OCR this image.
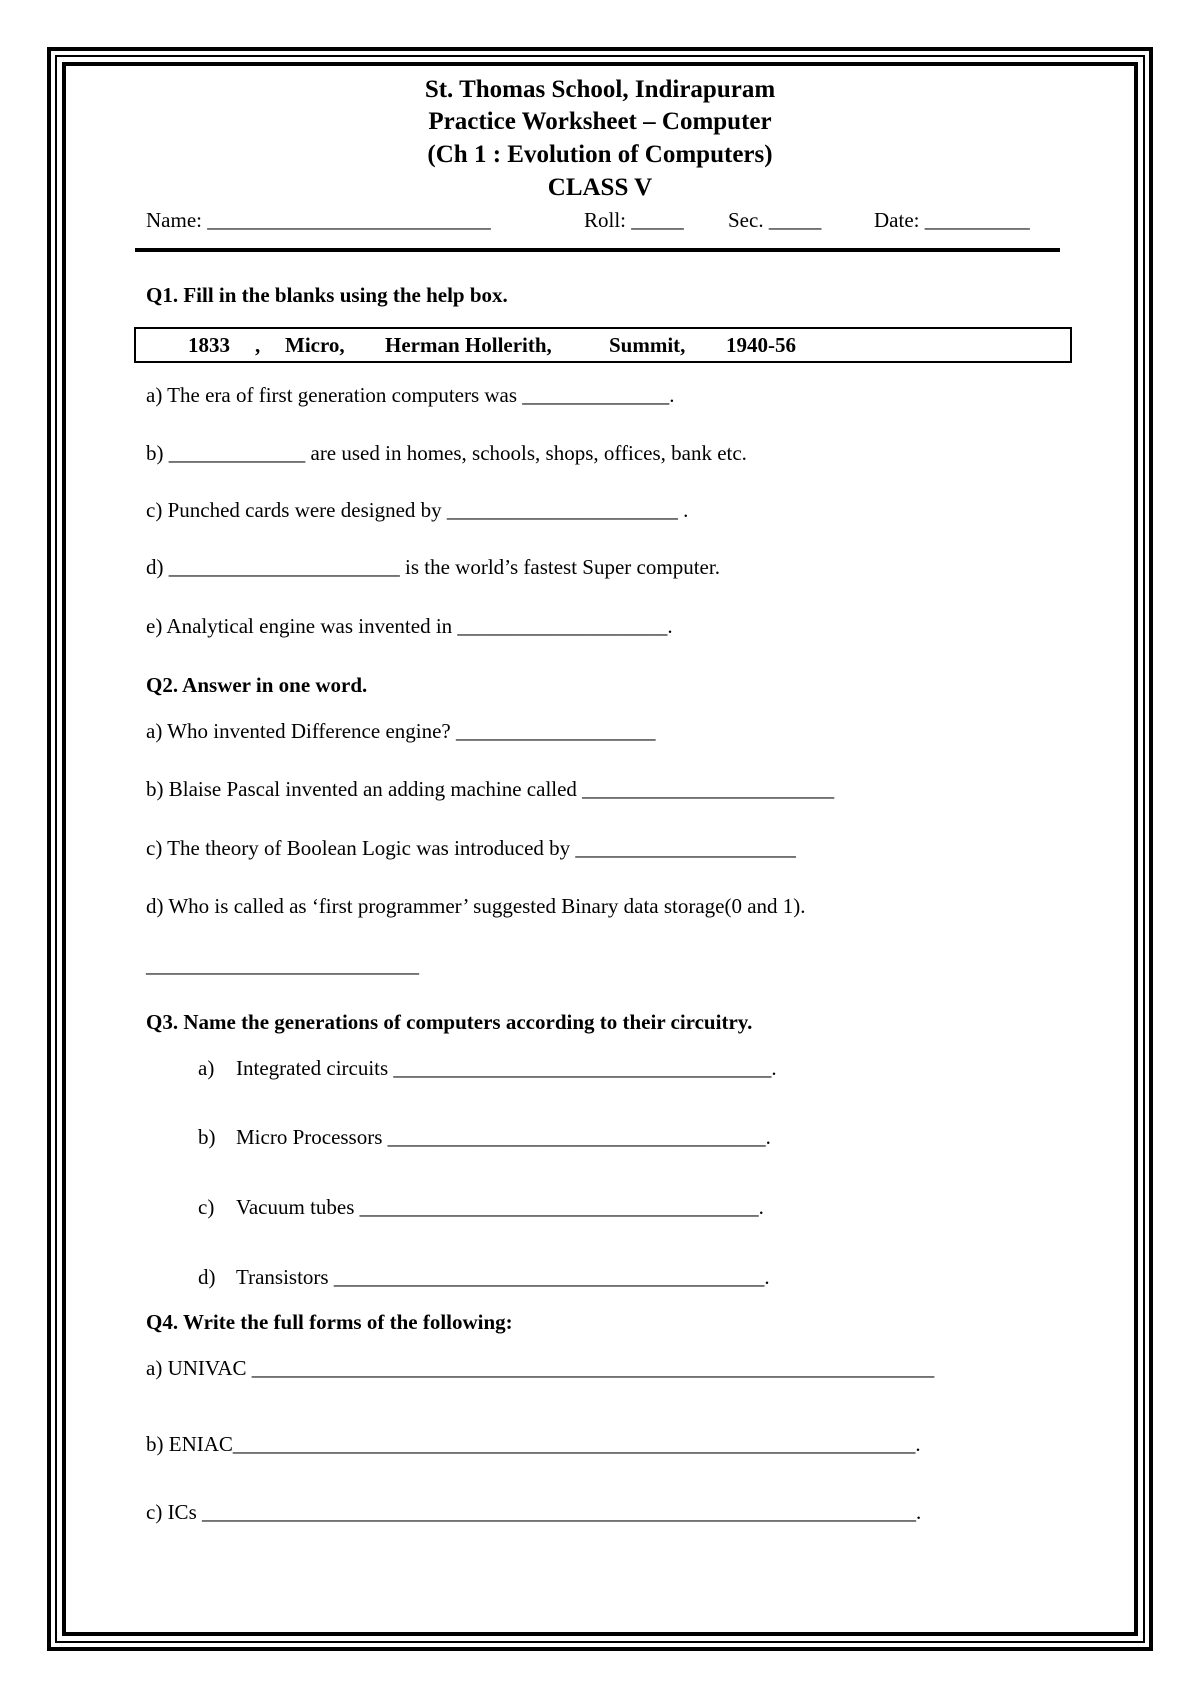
St. Thomas School, Indirapuram
Practice Worksheet – Computer
(Ch 1 : Evolution of Computers)
CLASS V
Name: ___________________________	Roll: _____ Sec. _____	Date: __________
Q1. Fill in the blanks using the help box.
1833 , Micro, Herman Hollerith,	Summit, 1940-56
a) The era of first generation computers was ______________.
b) _____________ are used in homes, schools, shops, offices, bank etc.
c) Punched cards were designed by ______________________ .
d) ______________________ is the world’s fastest Super computer.
e) Analytical engine was invented in ____________________.
Q2. Answer in one word.
a) Who invented Difference engine? ___________________
b) Blaise Pascal invented an adding machine called ________________________
c) The theory of Boolean Logic was introduced by _____________________
d) Who is called as ‘first programmer’ suggested Binary data storage(0 and 1).
__________________________
Q3. Name the generations of computers according to their circuitry.
a) Integrated circuits ____________________________________.
b) Micro Processors ____________________________________.
c) Vacuum tubes ______________________________________.
d) Transistors _________________________________________.
Q4. Write the full forms of the following:
a) UNIVAC _________________________________________________________________
b) ENIAC_________________________________________________________________.
c) ICs ____________________________________________________________________.
